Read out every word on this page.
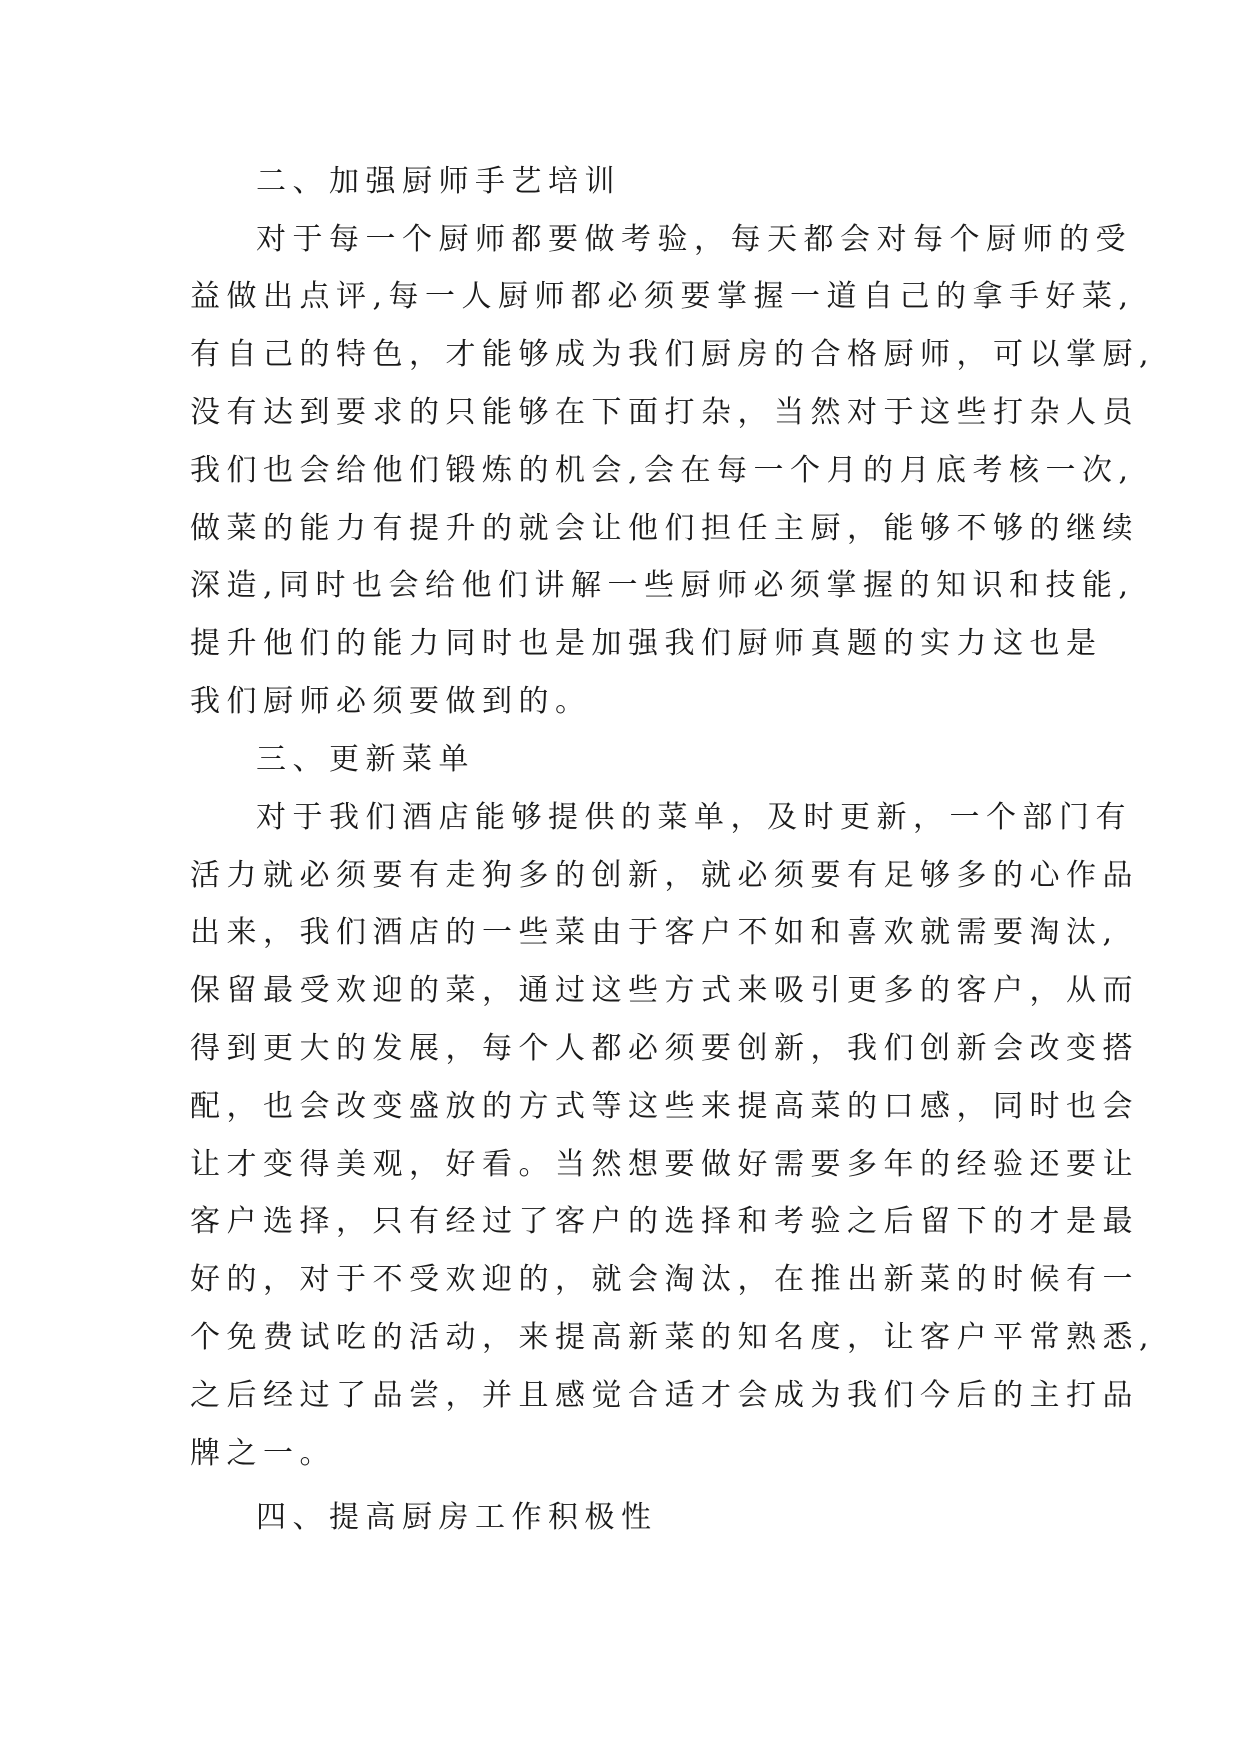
二、加强厨师手艺培训
对于每一个厨师都要做考验，每天都会对每个厨师的受
益做出点评,每一人厨师都必须要掌握一道自己的拿手好菜,
有自己的特色，才能够成为我们厨房的合格厨师，可以掌厨,
没有达到要求的只能够在下面打杂，当然对于这些打杂人员
我们也会给他们锻炼的机会,会在每一个月的月底考核一次,
做菜的能力有提升的就会让他们担任主厨，能够不够的继续
深造,同时也会给他们讲解一些厨师必须掌握的知识和技能,
提升他们的能力同时也是加强我们厨师真题的实力这也是
我们厨师必须要做到的。
三、更新菜单
对于我们酒店能够提供的菜单，及时更新，一个部门有
活力就必须要有走狗多的创新，就必须要有足够多的心作品
出来，我们酒店的一些菜由于客户不如和喜欢就需要淘汰,
保留最受欢迎的菜，通过这些方式来吸引更多的客户，从而
得到更大的发展，每个人都必须要创新，我们创新会改变搭
配，也会改变盛放的方式等这些来提高菜的口感，同时也会
让才变得美观，好看。当然想要做好需要多年的经验还要让
客户选择，只有经过了客户的选择和考验之后留下的才是最
好的，对于不受欢迎的，就会淘汰，在推出新菜的时候有一
个免费试吃的活动，来提高新菜的知名度，让客户平常熟悉,
之后经过了品尝，并且感觉合适才会成为我们今后的主打品
牌之一。
四、提高厨房工作积极性
